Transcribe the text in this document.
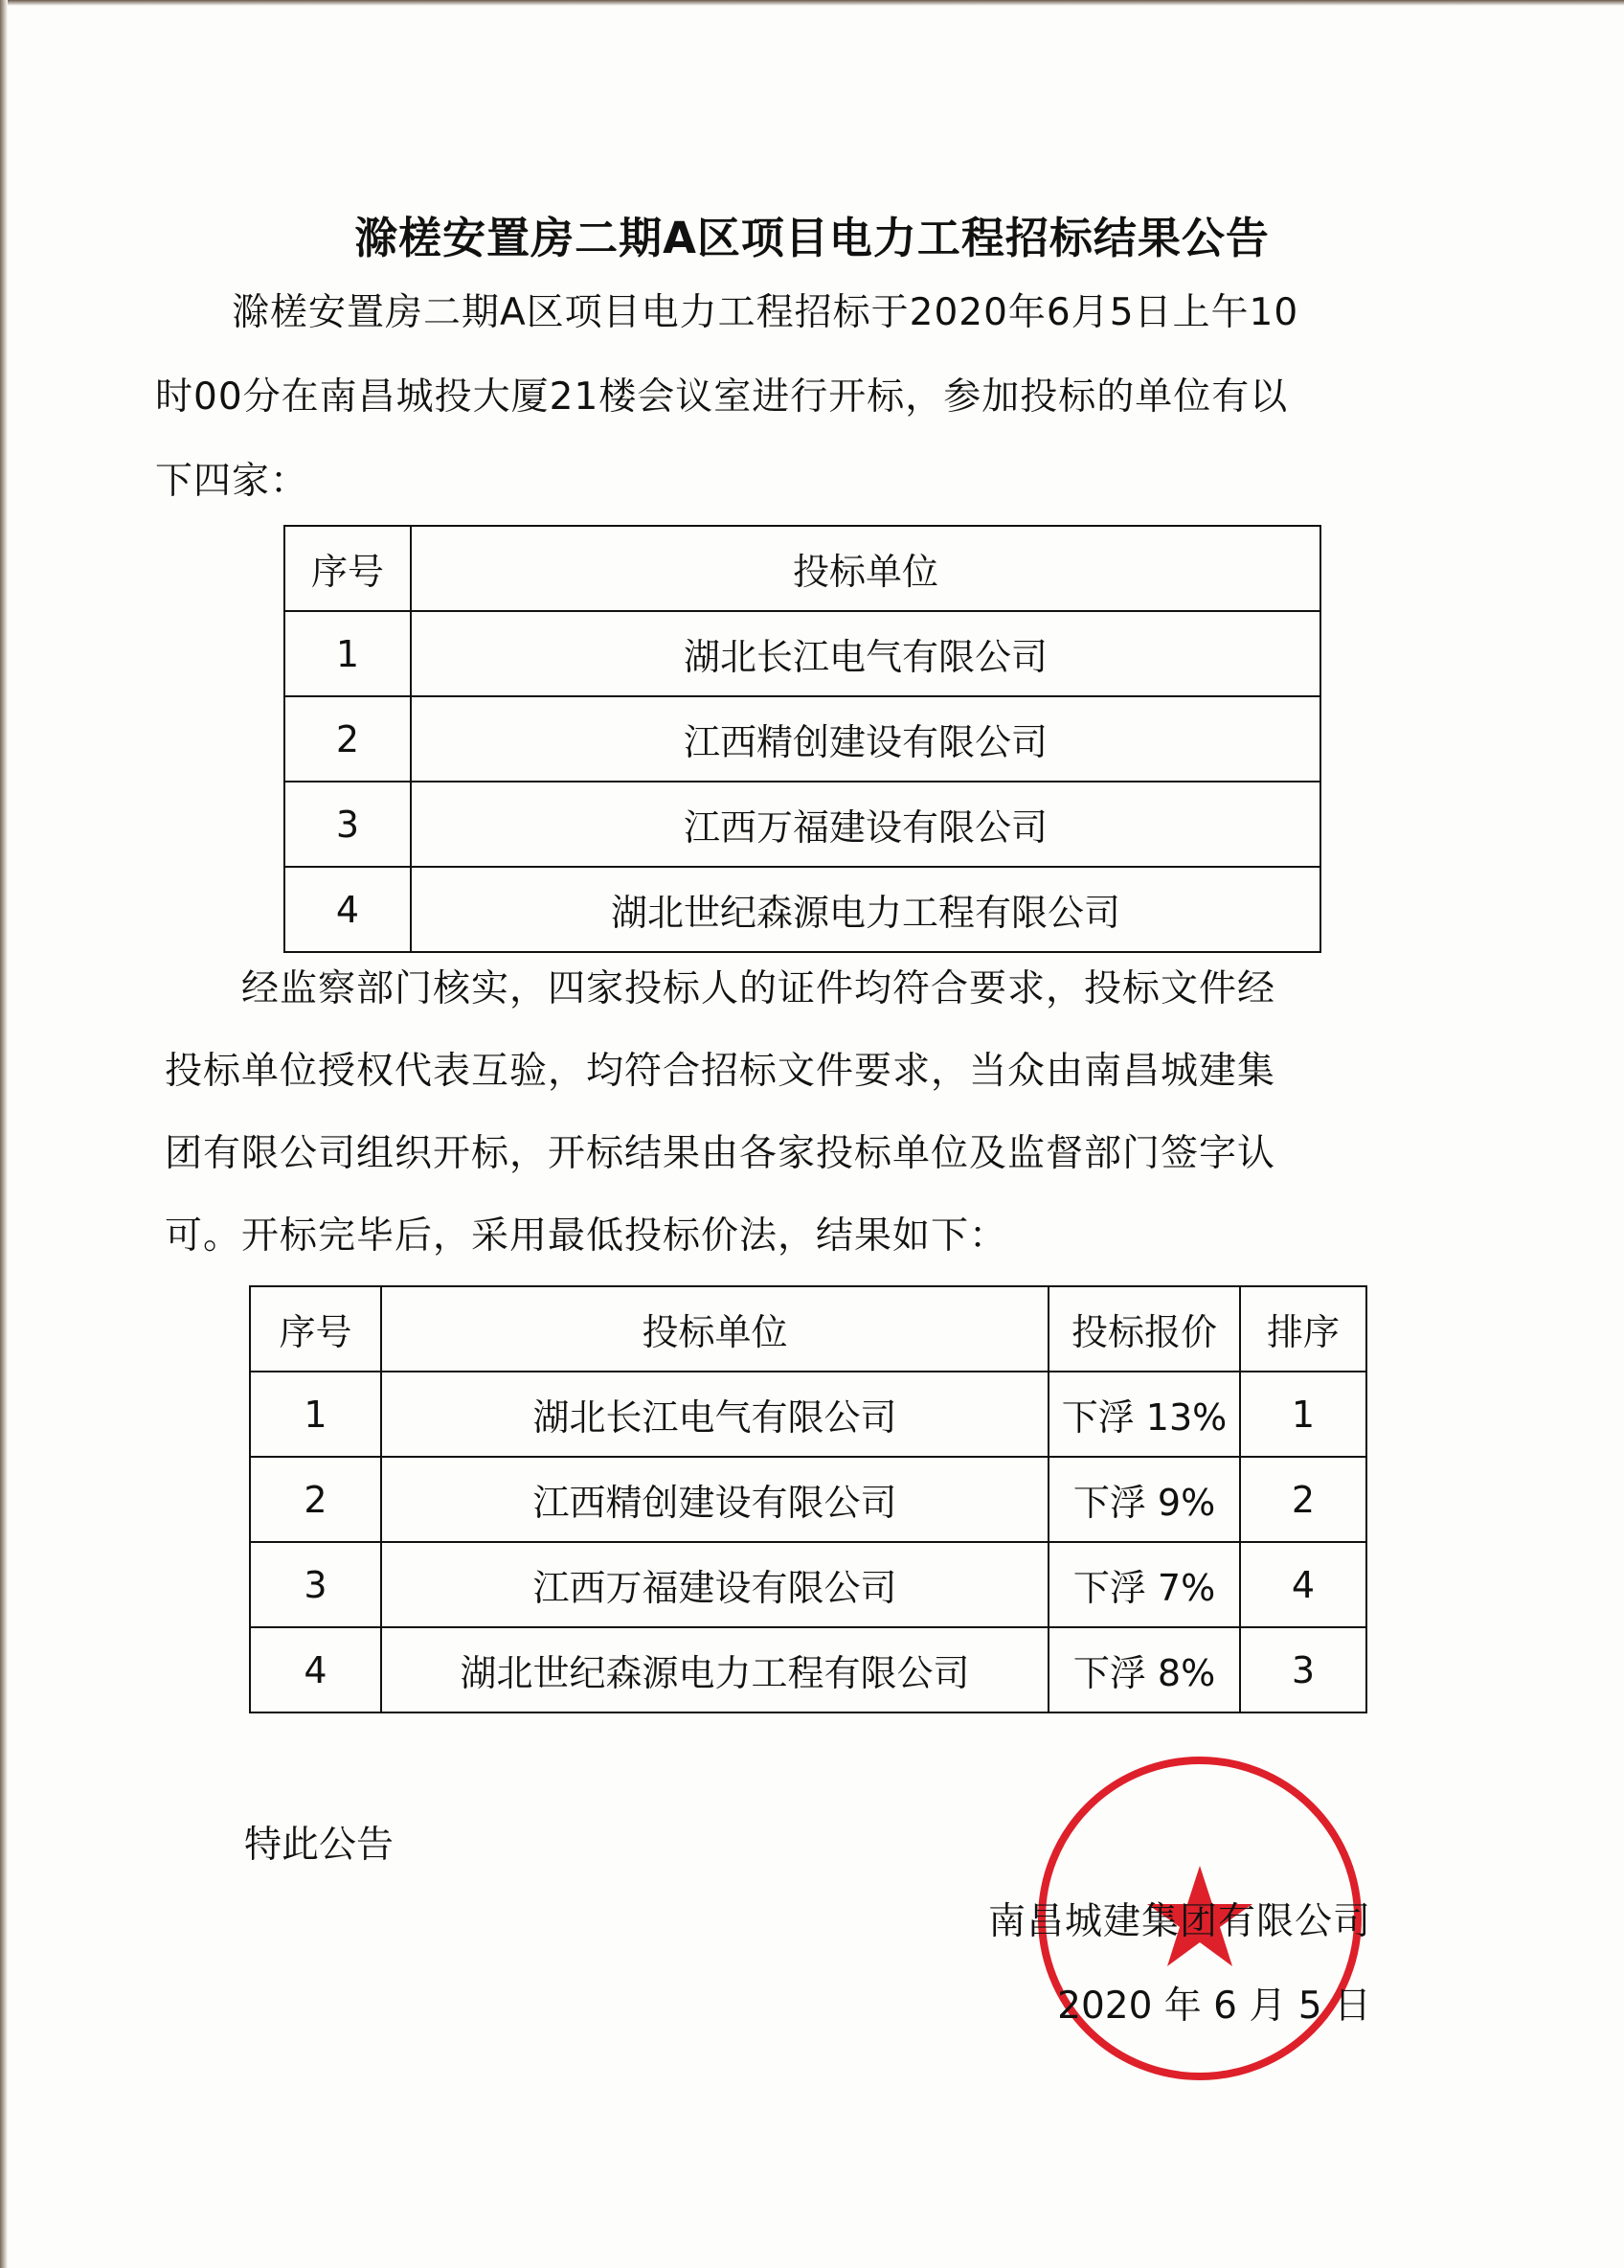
滁槎安置房二期A区项目电力工程招标结果公告
滁槎安置房二期A区项目电力工程招标于2020年6月5日上午10时00分在南昌城投大厦21楼会议室进行开标，参加投标的单位有以下四家：
序号	投标单位
1	湖北长江电气有限公司
2	江西精创建设有限公司
3	江西万福建设有限公司
4	湖北世纪森源电力工程有限公司
经监察部门核实，四家投标人的证件均符合要求，投标文件经投标单位授权代表互验，均符合招标文件要求，当众由南昌城建集团有限公司组织开标，开标结果由各家投标单位及监督部门签字认可。开标完毕后，采用最低投标价法，结果如下：
序号	投标单位	投标报价	排序
1	湖北长江电气有限公司	下浮 13%	1
2	江西精创建设有限公司	下浮 9%	2
3	江西万福建设有限公司	下浮 7%	4
4	湖北世纪森源电力工程有限公司	下浮 8%	3
特此公告
南昌城建集团有限公司
2020 年 6 月 5 日
